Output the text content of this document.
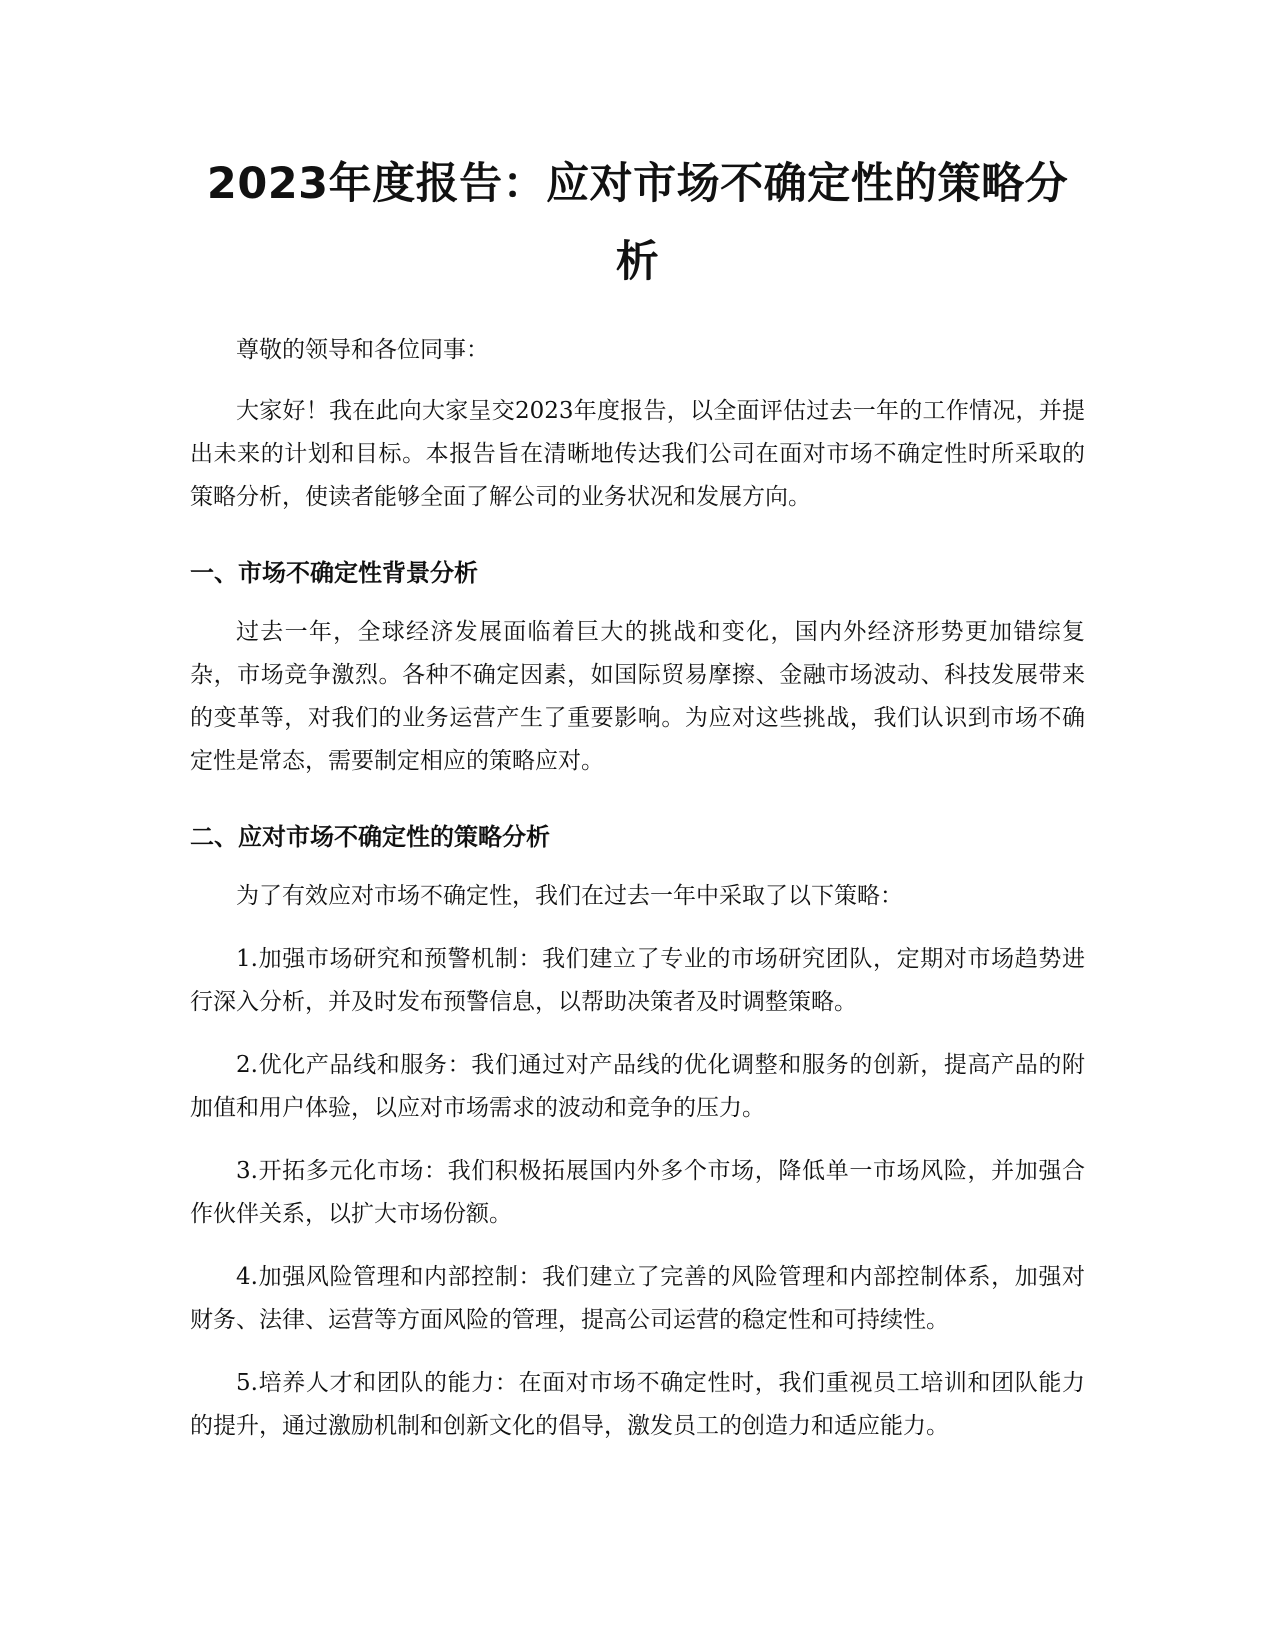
2023年度报告：应对市场不确定性的策略分析

尊敬的领导和各位同事：

大家好！我在此向大家呈交2023年度报告，以全面评估过去一年的工作情况，并提出未来的计划和目标。本报告旨在清晰地传达我们公司在面对市场不确定性时所采取的策略分析，使读者能够全面了解公司的业务状况和发展方向。

一、市场不确定性背景分析

过去一年，全球经济发展面临着巨大的挑战和变化，国内外经济形势更加错综复杂，市场竞争激烈。各种不确定因素，如国际贸易摩擦、金融市场波动、科技发展带来的变革等，对我们的业务运营产生了重要影响。为应对这些挑战，我们认识到市场不确定性是常态，需要制定相应的策略应对。

二、应对市场不确定性的策略分析

为了有效应对市场不确定性，我们在过去一年中采取了以下策略：

1.加强市场研究和预警机制：我们建立了专业的市场研究团队，定期对市场趋势进行深入分析，并及时发布预警信息，以帮助决策者及时调整策略。

2.优化产品线和服务：我们通过对产品线的优化调整和服务的创新，提高产品的附加值和用户体验，以应对市场需求的波动和竞争的压力。

3.开拓多元化市场：我们积极拓展国内外多个市场，降低单一市场风险，并加强合作伙伴关系，以扩大市场份额。

4.加强风险管理和内部控制：我们建立了完善的风险管理和内部控制体系，加强对财务、法律、运营等方面风险的管理，提高公司运营的稳定性和可持续性。

5.培养人才和团队的能力：在面对市场不确定性时，我们重视员工培训和团队能力的提升，通过激励机制和创新文化的倡导，激发员工的创造力和适应能力。
